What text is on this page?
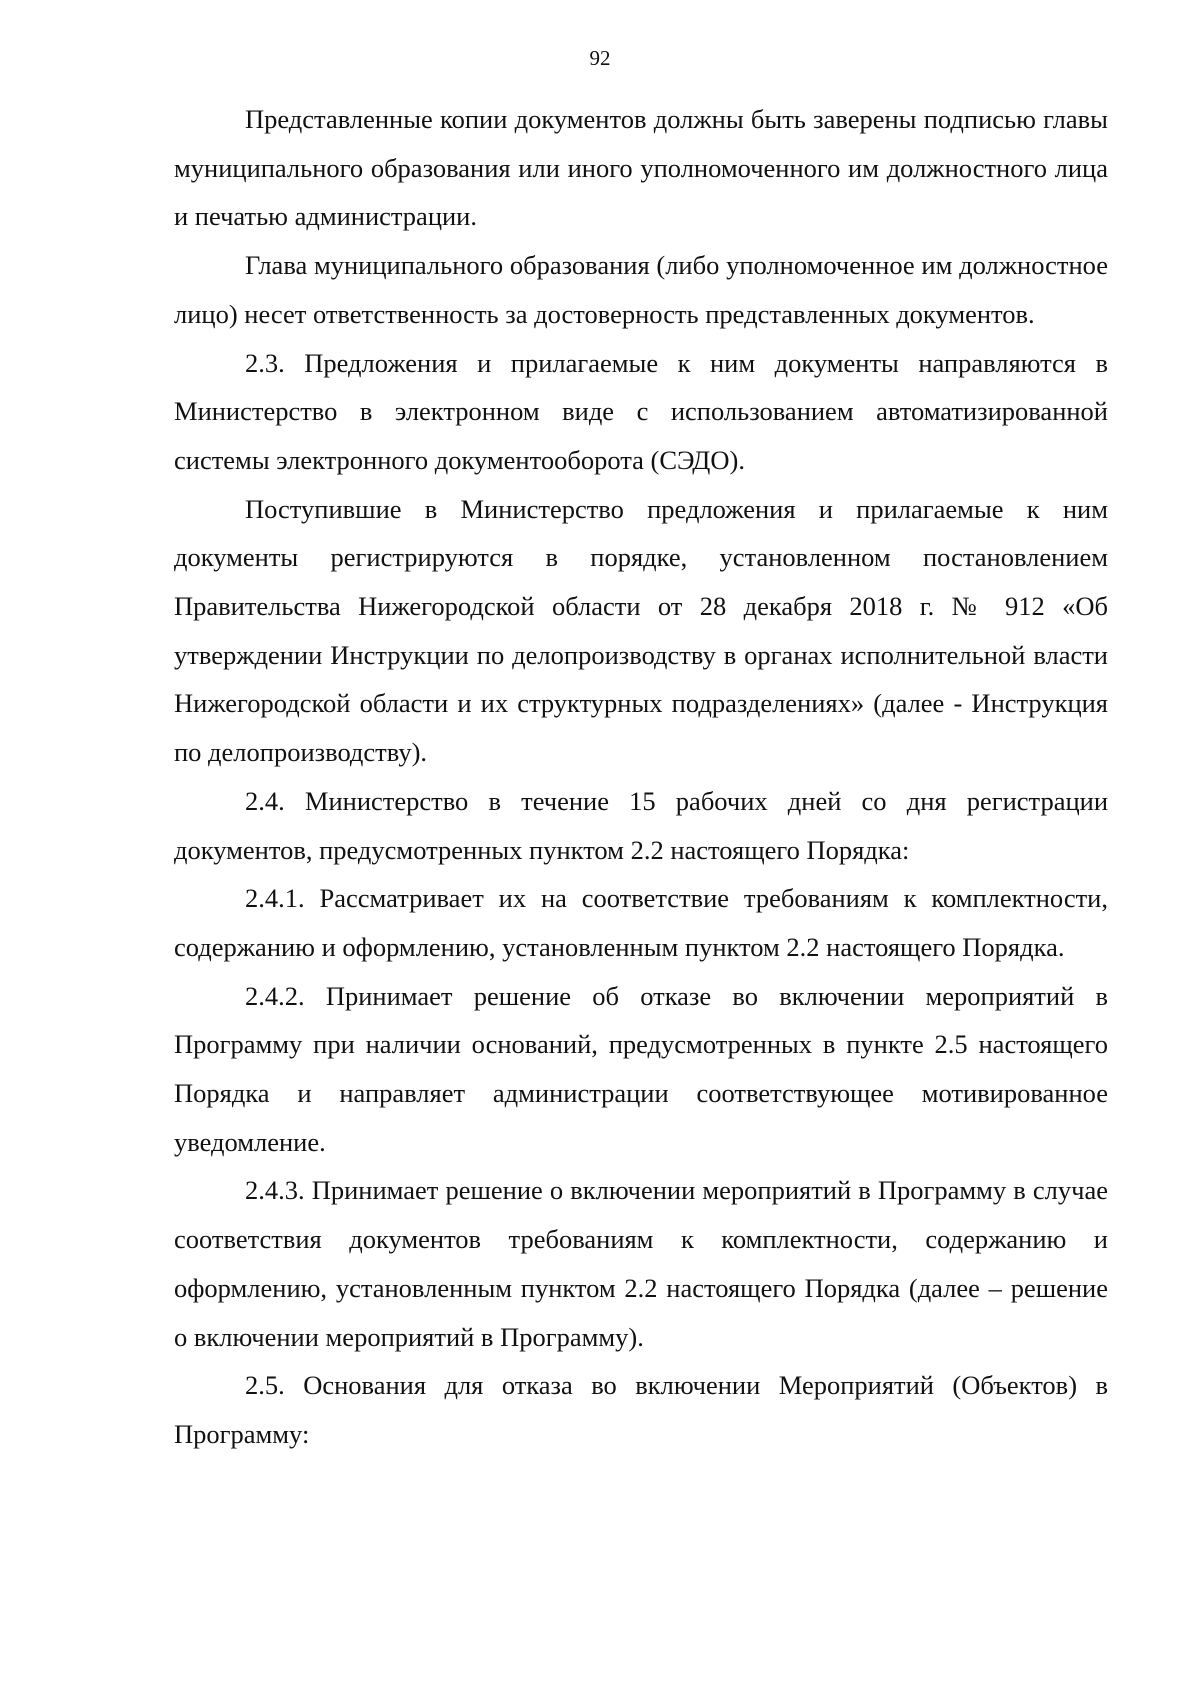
92

Представленные копии документов должны быть заверены подписью главы муниципального образования или иного уполномоченного им должностного лица и печатью администрации.

Глава муниципального образования (либо уполномоченное им должностное лицо) несет ответственность за достоверность представленных документов.

2.3. Предложения и прилагаемые к ним документы направляются в Министерство в электронном виде с использованием автоматизированной системы электронного документооборота (СЭДО).

Поступившие в Министерство предложения и прилагаемые к ним документы регистрируются в порядке, установленном постановлением Правительства Нижегородской области от 28 декабря 2018 г. № 912 «Об утверждении Инструкции по делопроизводству в органах исполнительной власти Нижегородской области и их структурных подразделениях» (далее - Инструкция по делопроизводству).

2.4. Министерство в течение 15 рабочих дней со дня регистрации документов, предусмотренных пунктом 2.2 настоящего Порядка:

2.4.1. Рассматривает их на соответствие требованиям к комплектности, содержанию и оформлению, установленным пунктом 2.2 настоящего Порядка.

2.4.2. Принимает решение об отказе во включении мероприятий в Программу при наличии оснований, предусмотренных в пункте 2.5 настоящего Порядка и направляет администрации соответствующее мотивированное уведомление.

2.4.3. Принимает решение о включении мероприятий в Программу в случае соответствия документов требованиям к комплектности, содержанию и оформлению, установленным пунктом 2.2 настоящего Порядка (далее – решение о включении мероприятий в Программу).

2.5. Основания для отказа во включении Мероприятий (Объектов) в Программу:
